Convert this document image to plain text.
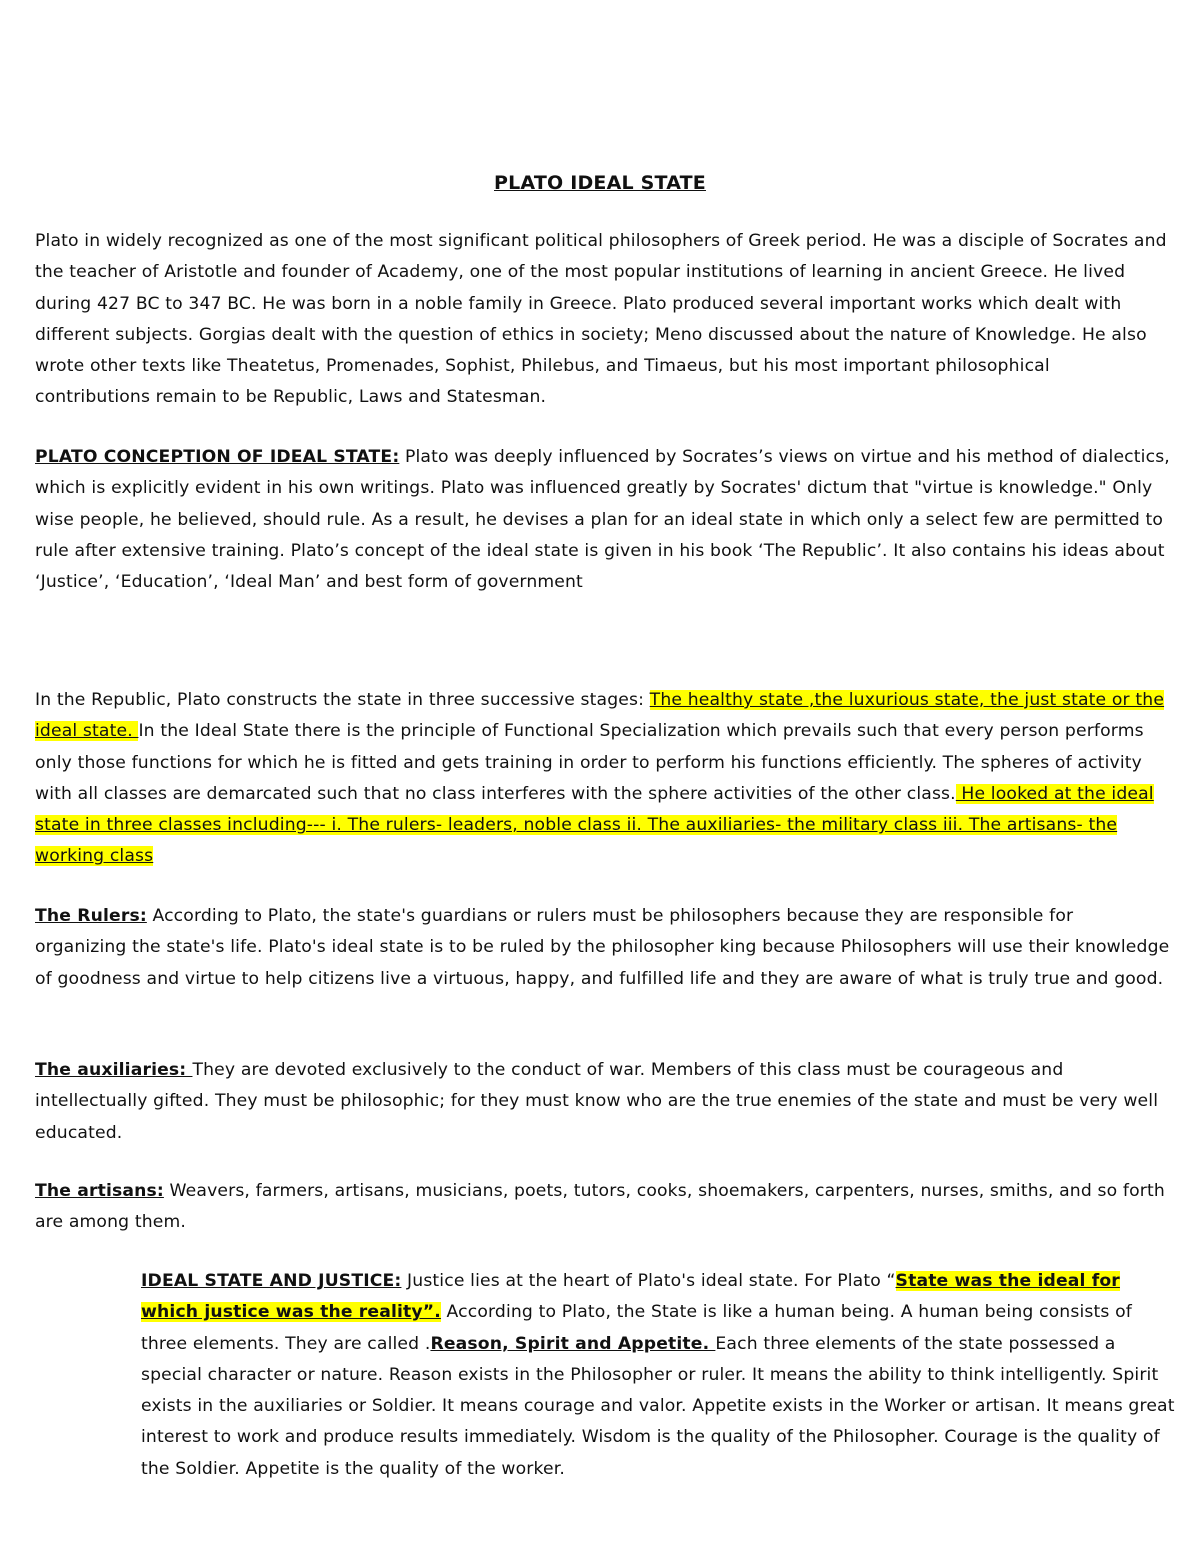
PLATO IDEAL STATE
Plato in widely recognized as one of the most significant political philosophers of Greek period. He was a disciple of Socrates and the teacher of Aristotle and founder of Academy, one of the most popular institutions of learning in ancient Greece. He lived during 427 BC to 347 BC. He was born in a noble family in Greece. Plato produced several important works which dealt with different subjects. Gorgias dealt with the question of ethics in society; Meno discussed about the nature of Knowledge. He also wrote other texts like Theatetus, Promenades, Sophist, Philebus, and Timaeus, but his most important philosophical contributions remain to be Republic, Laws and Statesman.
PLATO CONCEPTION OF IDEAL STATE: Plato was deeply influenced by Socrates’s views on virtue and his method of dialectics, which is explicitly evident in his own writings. Plato was influenced greatly by Socrates' dictum that "virtue is knowledge." Only wise people, he believed, should rule. As a result, he devises a plan for an ideal state in which only a select few are permitted to rule after extensive training. Plato’s concept of the ideal state is given in his book ‘The Republic’. It also contains his ideas about ‘Justice’, ‘Education’, ‘Ideal Man’ and best form of government
In the Republic, Plato constructs the state in three successive stages: The healthy state ,the luxurious state, the just state or the ideal state. In the Ideal State there is the principle of Functional Specialization which prevails such that every person performs only those functions for which he is fitted and gets training in order to perform his functions efficiently. The spheres of activity with all classes are demarcated such that no class interferes with the sphere activities of the other class. He looked at the ideal state in three classes including--- i. The rulers- leaders, noble class ii. The auxiliaries- the military class iii. The artisans- the working class
The Rulers: According to Plato, the state's guardians or rulers must be philosophers because they are responsible for organizing the state's life. Plato's ideal state is to be ruled by the philosopher king because Philosophers will use their knowledge of goodness and virtue to help citizens live a virtuous, happy, and fulfilled life and they are aware of what is truly true and good.
The auxiliaries: They are devoted exclusively to the conduct of war. Members of this class must be courageous and intellectually gifted. They must be philosophic; for they must know who are the true enemies of the state and must be very well educated.
The artisans: Weavers, farmers, artisans, musicians, poets, tutors, cooks, shoemakers, carpenters, nurses, smiths, and so forth are among them.
IDEAL STATE AND JUSTICE: Justice lies at the heart of Plato's ideal state. For Plato “State was the ideal for which justice was the reality”. According to Plato, the State is like a human being. A human being consists of three elements. They are called .Reason, Spirit and Appetite. Each three elements of the state possessed a special character or nature. Reason exists in the Philosopher or ruler. It means the ability to think intelligently. Spirit exists in the auxiliaries or Soldier. It means courage and valor. Appetite exists in the Worker or artisan. It means great interest to work and produce results immediately. Wisdom is the quality of the Philosopher. Courage is the quality of the Soldier. Appetite is the quality of the worker.
